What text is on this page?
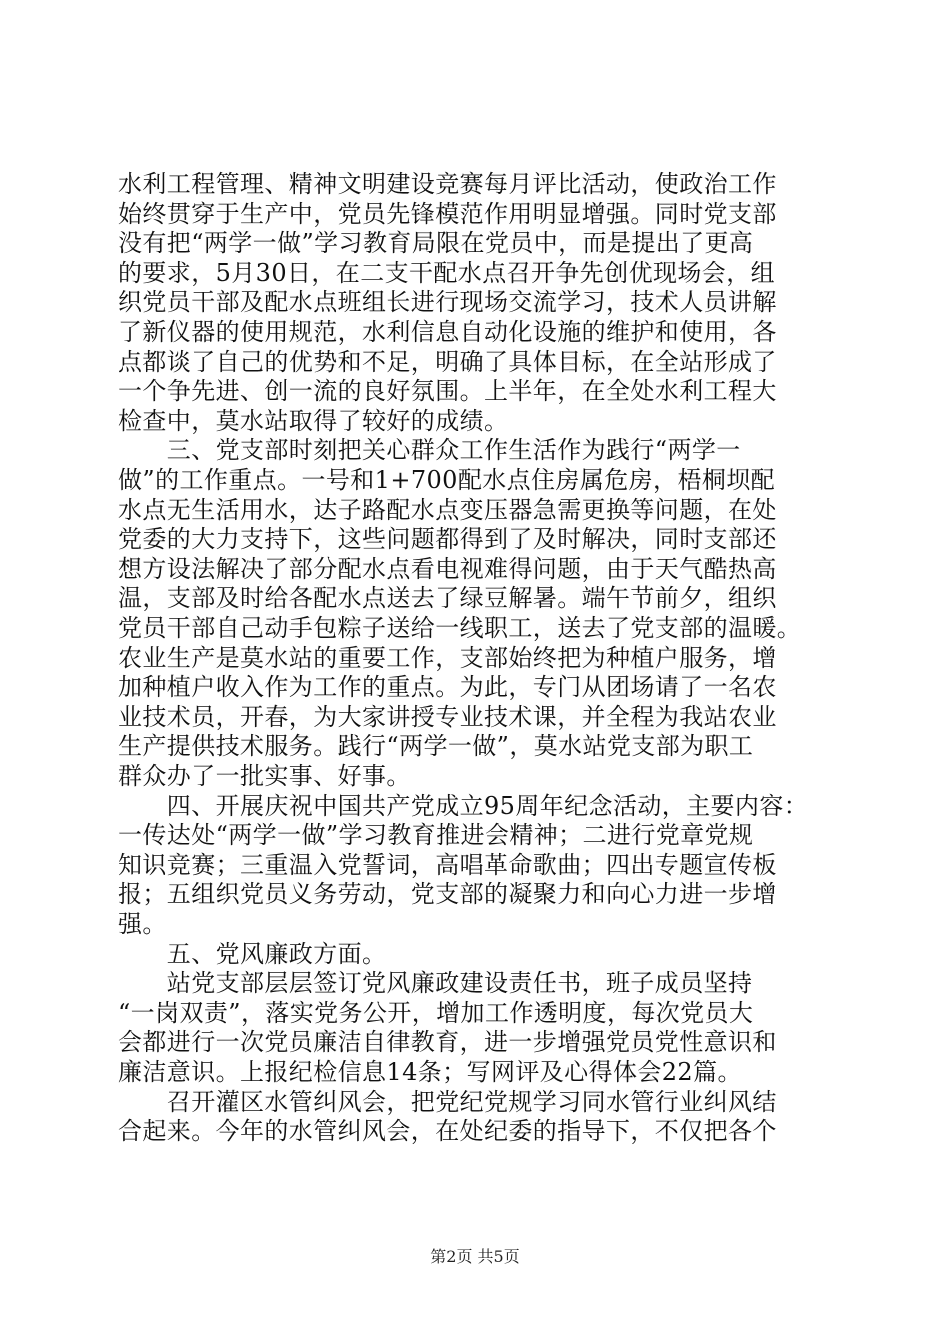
水利工程管理、精神文明建设竞赛每月评比活动，使政治工作
始终贯穿于生产中，党员先锋模范作用明显增强。同时党支部
没有把“两学一做”学习教育局限在党员中，而是提出了更高
的要求，5月30日，在二支干配水点召开争先创优现场会，组
织党员干部及配水点班组长进行现场交流学习，技术人员讲解
了新仪器的使用规范，水利信息自动化设施的维护和使用，各
点都谈了自己的优势和不足，明确了具体目标，在全站形成了
一个争先进、创一流的良好氛围。上半年，在全处水利工程大
检查中，莫水站取得了较好的成绩。
　　三、党支部时刻把关心群众工作生活作为践行“两学一
做”的工作重点。一号和1+700配水点住房属危房，梧桐坝配
水点无生活用水，达子路配水点变压器急需更换等问题，在处
党委的大力支持下，这些问题都得到了及时解决，同时支部还
想方设法解决了部分配水点看电视难得问题，由于天气酷热高
温，支部及时给各配水点送去了绿豆解暑。端午节前夕，组织
党员干部自己动手包粽子送给一线职工，送去了党支部的温暖。
农业生产是莫水站的重要工作，支部始终把为种植户服务，增
加种植户收入作为工作的重点。为此，专门从团场请了一名农
业技术员，开春，为大家讲授专业技术课，并全程为我站农业
生产提供技术服务。践行“两学一做”，莫水站党支部为职工
群众办了一批实事、好事。
　　四、开展庆祝中国共产党成立95周年纪念活动，主要内容：
一传达处“两学一做”学习教育推进会精神；二进行党章党规
知识竞赛；三重温入党誓词，高唱革命歌曲；四出专题宣传板
报；五组织党员义务劳动，党支部的凝聚力和向心力进一步增
强。
　　五、党风廉政方面。
　　站党支部层层签订党风廉政建设责任书，班子成员坚持
“一岗双责”，落实党务公开，增加工作透明度，每次党员大
会都进行一次党员廉洁自律教育，进一步增强党员党性意识和
廉洁意识。上报纪检信息14条；写网评及心得体会22篇。
　　召开灌区水管纠风会，把党纪党规学习同水管行业纠风结
合起来。今年的水管纠风会，在处纪委的指导下，不仅把各个
第2页 共5页
